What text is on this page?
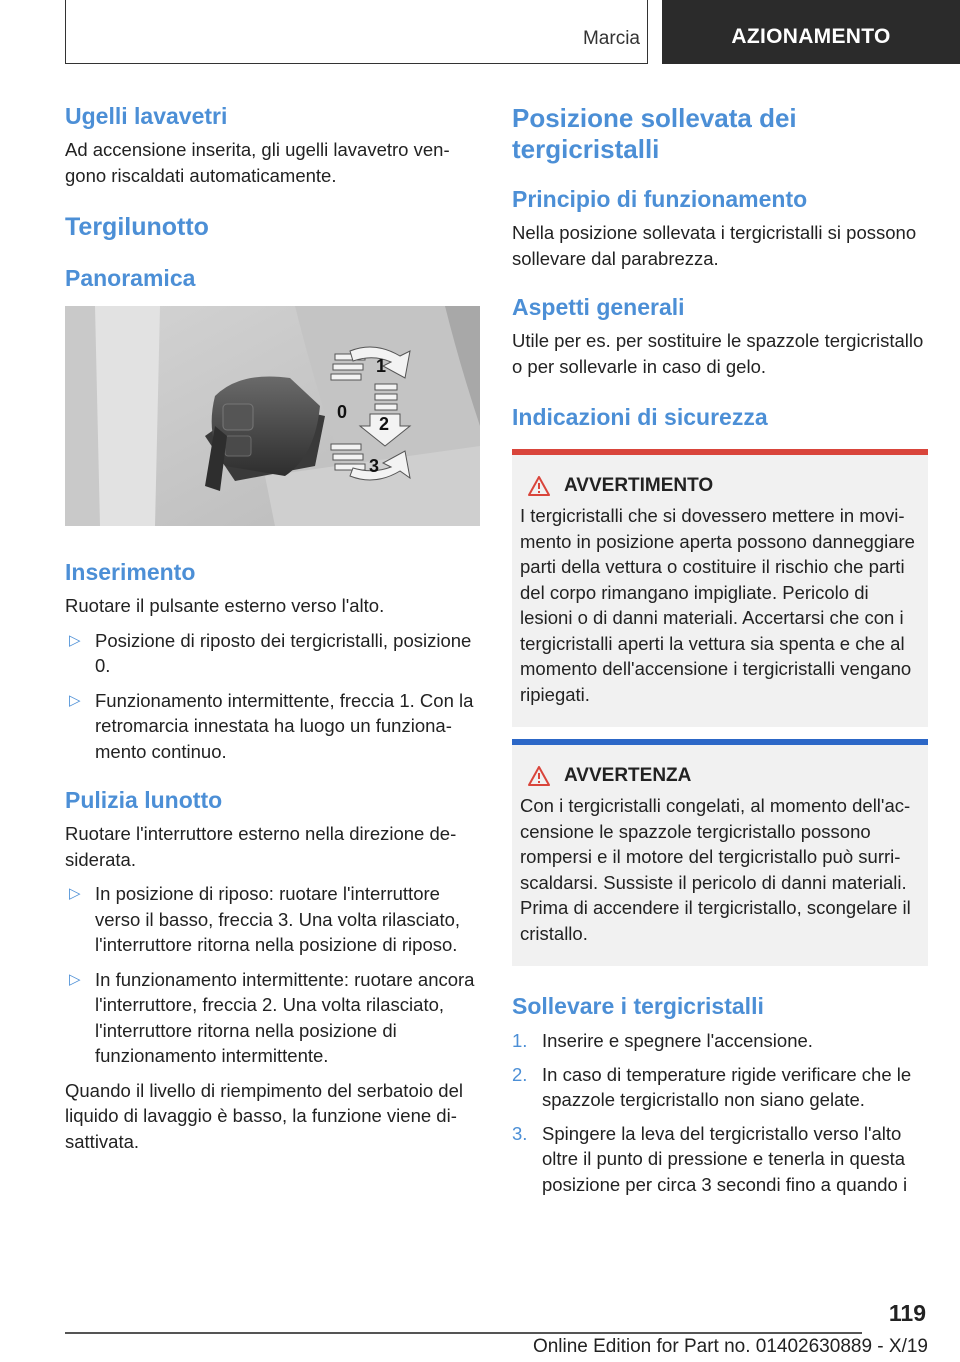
Marcia	AZIONAMENTO
Ugelli lavavetri

Ad accensione inserita, gli ugelli lavavetro vengono riscaldati automaticamente.

Tergilunotto
Panoramica
1
0
2
3
Inserimento

Ruotare il pulsante esterno verso l'alto.

▷ Posizione di riposto dei tergicristalli, posizione 0.
▷ Funzionamento intermittente, freccia 1. Con la retromarcia innestata ha luogo un funzionamento continuo.
Pulizia lunotto

Ruotare l'interruttore esterno nella direzione desiderata.

▷ In posizione di riposo: ruotare l'interruttore verso il basso, freccia 3. Una volta rilasciato, l'interruttore ritorna nella posizione di riposo.
▷ In funzionamento intermittente: ruotare ancora l'interruttore, freccia 2. Una volta rilasciato, l'interruttore ritorna nella posizione di funzionamento intermittente.

Quando il livello di riempimento del serbatoio del liquido di lavaggio è basso, la funzione viene disattivata.

Posizione sollevata dei tergicristalli
Principio di funzionamento

Nella posizione sollevata i tergicristalli si possono sollevare dal parabrezza.

Aspetti generali

Utile per es. per sostituire le spazzole tergicristallo o per sollevarle in caso di gelo.

Indicazioni di sicurezza
AVVERTIMENTO

I tergicristalli che si dovessero mettere in movimento in posizione aperta possono danneggiare parti della vettura o costituire il rischio che parti del corpo rimangano impigliate. Pericolo di lesioni o di danni materiali. Accertarsi che con i tergicristalli aperti la vettura sia spenta e che al momento dell'accensione i tergicristalli vengano ripiegati.

AVVERTENZA

Con i tergicristalli congelati, al momento dell'accensione le spazzole tergicristallo possono rompersi e il motore del tergicristallo può surriscaldarsi. Sussiste il pericolo di danni materiali. Prima di accendere il tergicristallo, scongelare il cristallo.

Sollevare i tergicristalli
1. Inserire e spegnere l'accensione.
2. In caso di temperature rigide verificare che le spazzole tergicristallo non siano gelate.
3. Spingere la leva del tergicristallo verso l'alto oltre il punto di pressione e tenerla in questa posizione per circa 3 secondi fino a quando i
119
Online Edition for Part no. 01402630889 - X/19
